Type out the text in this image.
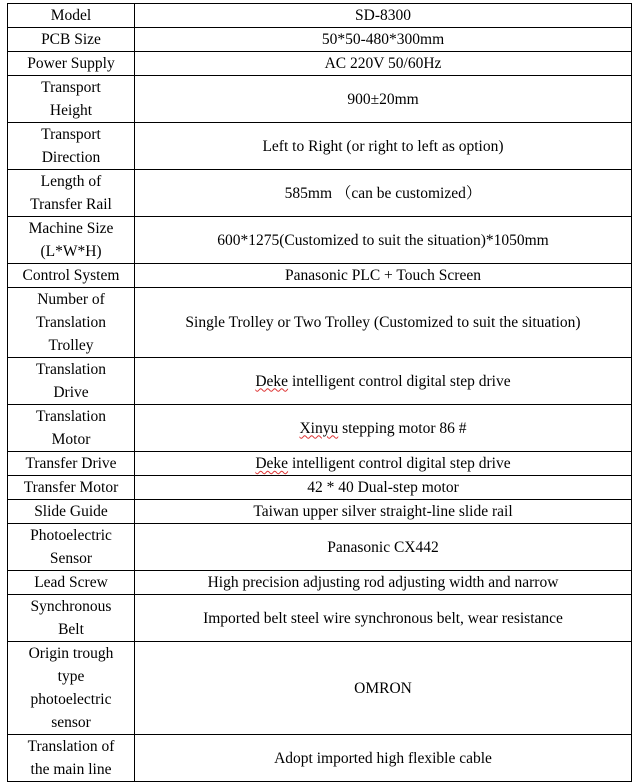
Model	SD-8300
PCB Size	50*50-480*300mm
Power Supply	AC 220V 50/60Hz
Transport
Height	900±20mm
Transport
Direction	Left to Right (or right to left as option)
Length of
Transfer Rail	585mm （can be customized）
Machine Size
(L*W*H)	600*1275(Customized to suit the situation)*1050mm
Control System	Panasonic PLC + Touch Screen
Number of
Translation
Trolley	Single Trolley or Two Trolley (Customized to suit the situation)
Translation
Drive	Deke intelligent control digital step drive
Translation
Motor	Xinyu stepping motor 86 #
Transfer Drive	Deke intelligent control digital step drive
Transfer Motor	42 * 40 Dual-step motor
Slide Guide	Taiwan upper silver straight-line slide rail
Photoelectric
Sensor	Panasonic CX442
Lead Screw	High precision adjusting rod adjusting width and narrow
Synchronous
Belt	Imported belt steel wire synchronous belt, wear resistance
Origin trough
type
photoelectric
sensor	OMRON
Translation of
the main line	Adopt imported high flexible cable
